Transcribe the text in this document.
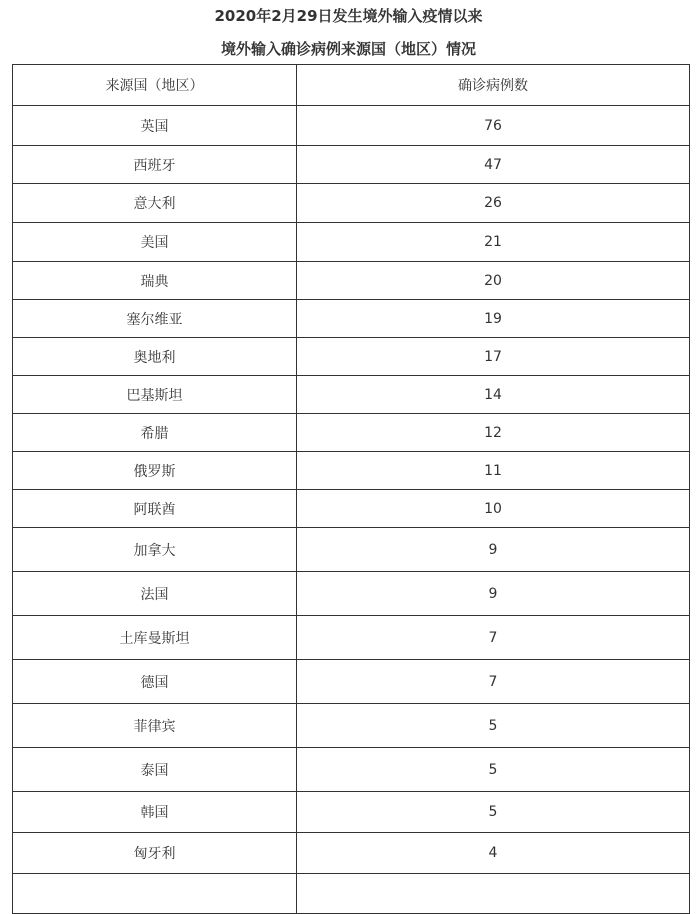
2020年2月29日发生境外输入疫情以来
境外输入确诊病例来源国（地区）情况
来源国（地区）	确诊病例数
英国	76
西班牙	47
意大利	26
美国	21
瑞典	20
塞尔维亚	19
奥地利	17
巴基斯坦	14
希腊	12
俄罗斯	11
阿联酋	10
加拿大	9
法国	9
土库曼斯坦	7
德国	7
菲律宾	5
泰国	5
韩国	5
匈牙利	4
